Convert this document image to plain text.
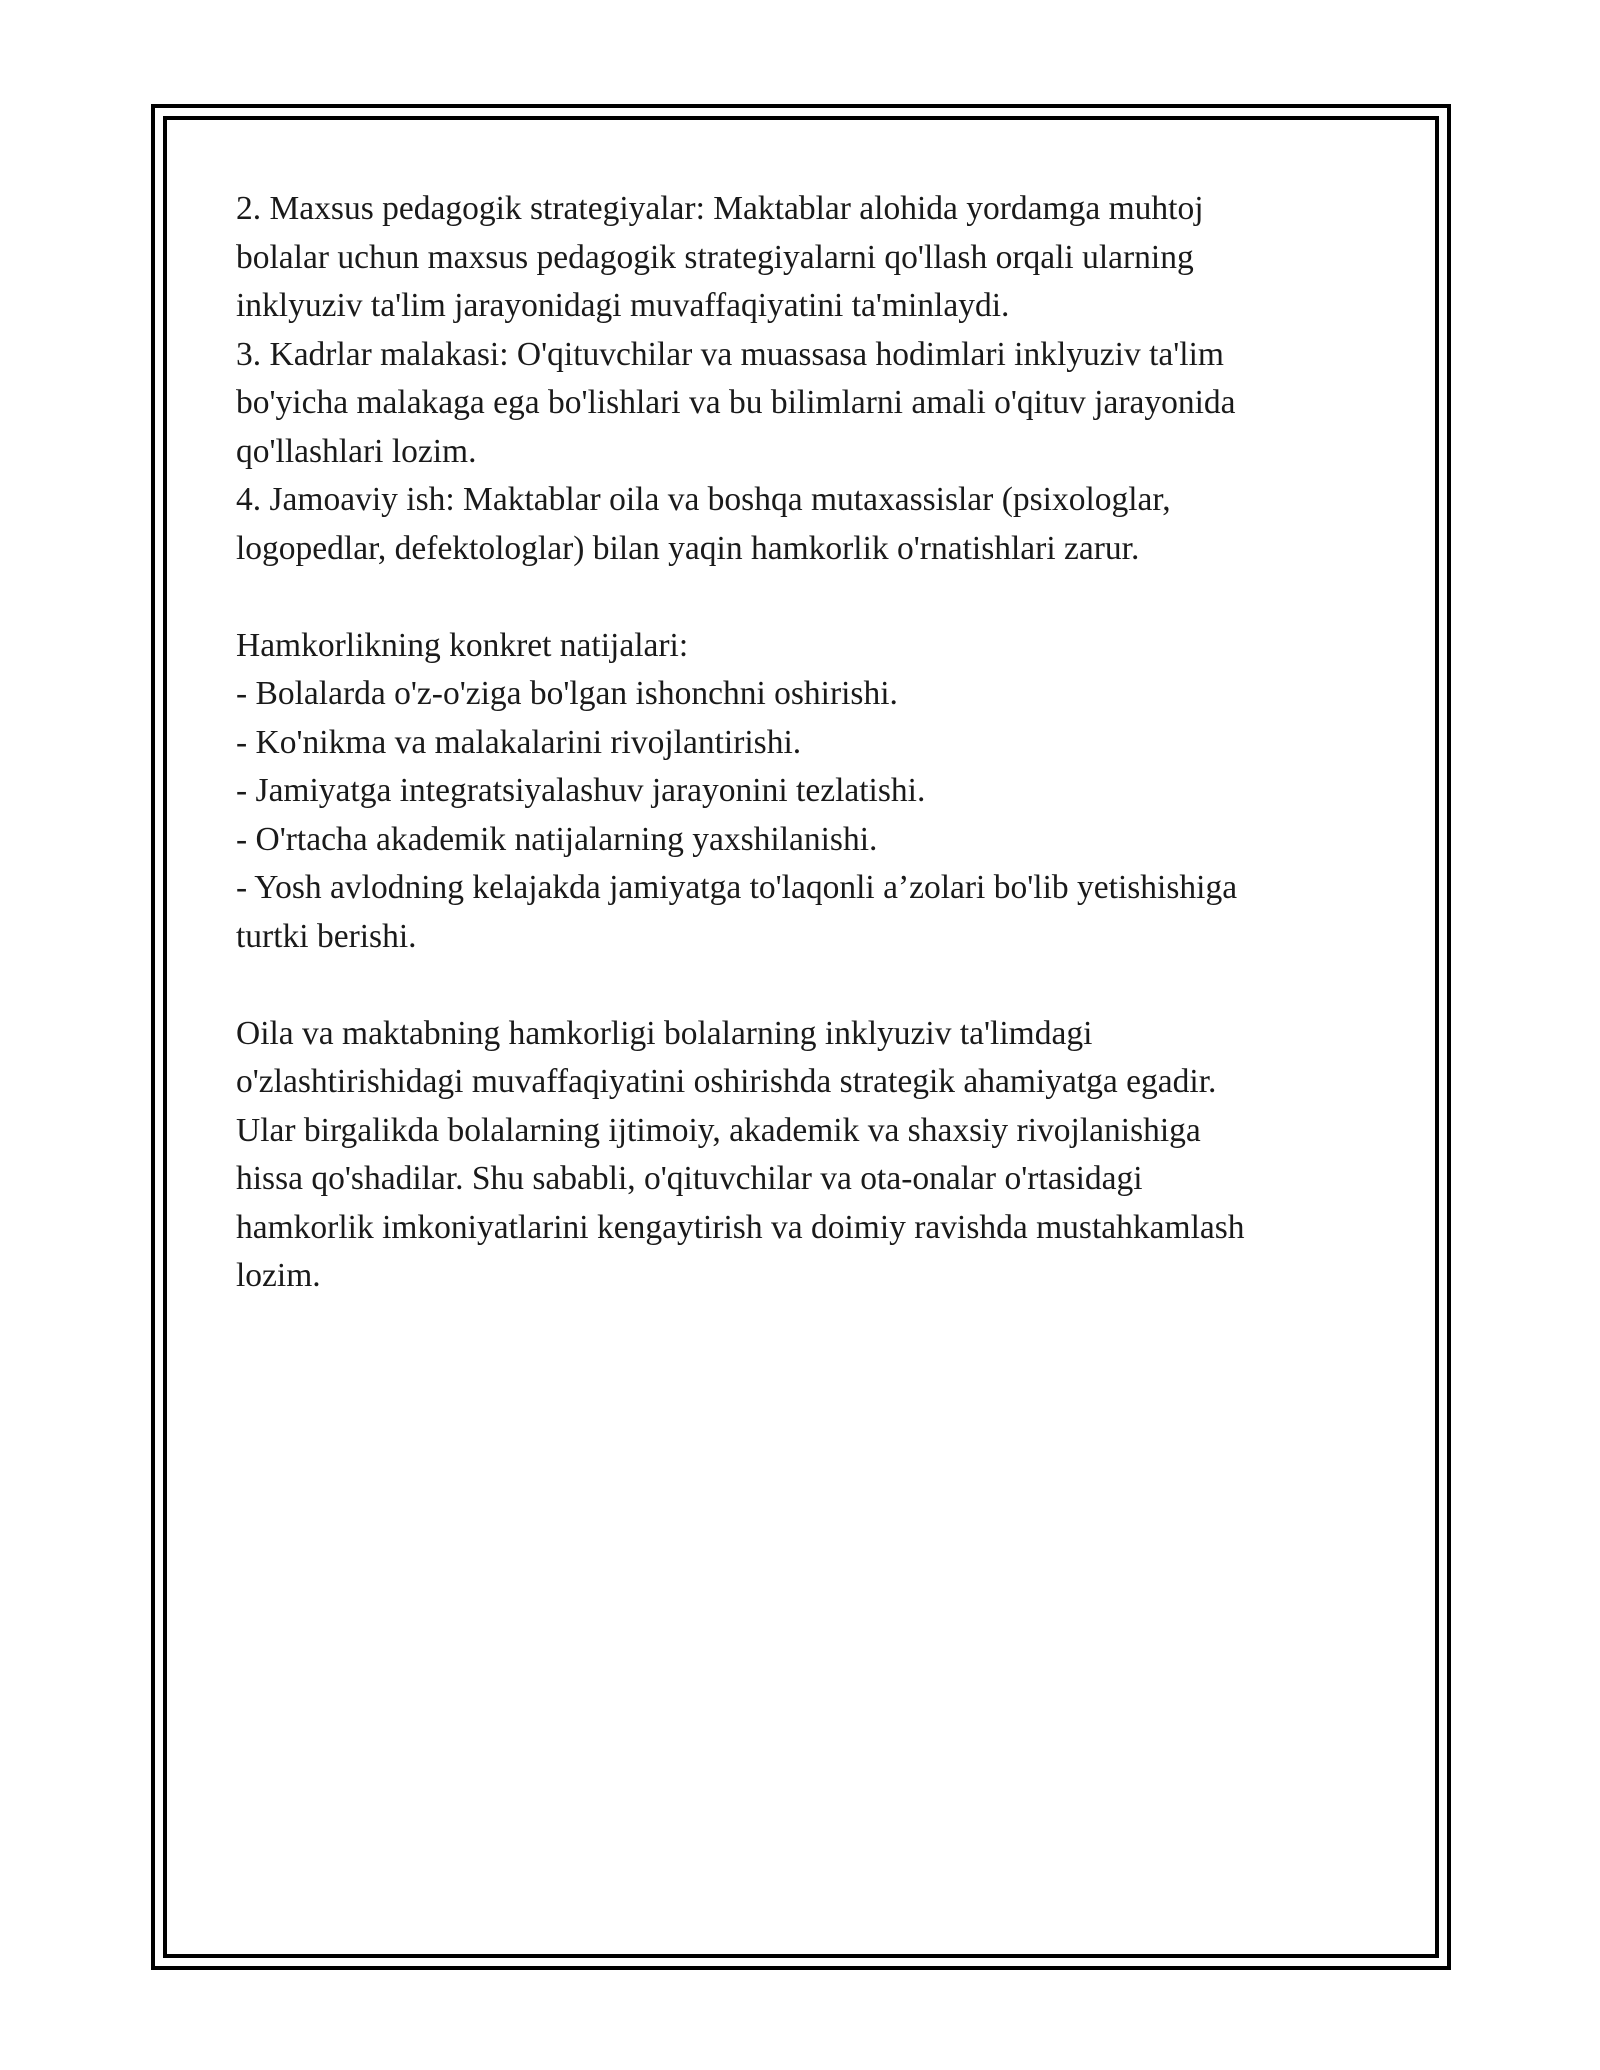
2. Maxsus pedagogik strategiyalar: Maktablar alohida yordamga muhtoj

bolalar uchun maxsus pedagogik strategiyalarni qo'llash orqali ularning

inklyuziv ta'lim jarayonidagi muvaffaqiyatini ta'minlaydi.

3. Kadrlar malakasi: O'qituvchilar va muassasa hodimlari inklyuziv ta'lim

bo'yicha malakaga ega bo'lishlari va bu bilimlarni amali o'qituv jarayonida

qo'llashlari lozim.

4. Jamoaviy ish: Maktablar oila va boshqa mutaxassislar (psixologlar,

logopedlar, defektologlar) bilan yaqin hamkorlik o'rnatishlari zarur.

Hamkorlikning konkret natijalari:

- Bolalarda o'z-o'ziga bo'lgan ishonchni oshirishi.

- Ko'nikma va malakalarini rivojlantirishi.

- Jamiyatga integratsiyalashuv jarayonini tezlatishi.

- O'rtacha akademik natijalarning yaxshilanishi.

- Yosh avlodning kelajakda jamiyatga to'laqonli a’zolari bo'lib yetishishiga

turtki berishi.

Oila va maktabning hamkorligi bolalarning inklyuziv ta'limdagi

o'zlashtirishidagi muvaffaqiyatini oshirishda strategik ahamiyatga egadir.

Ular birgalikda bolalarning ijtimoiy, akademik va shaxsiy rivojlanishiga

hissa qo'shadilar. Shu sababli, o'qituvchilar va ota-onalar o'rtasidagi

hamkorlik imkoniyatlarini kengaytirish va doimiy ravishda mustahkamlash

lozim.
